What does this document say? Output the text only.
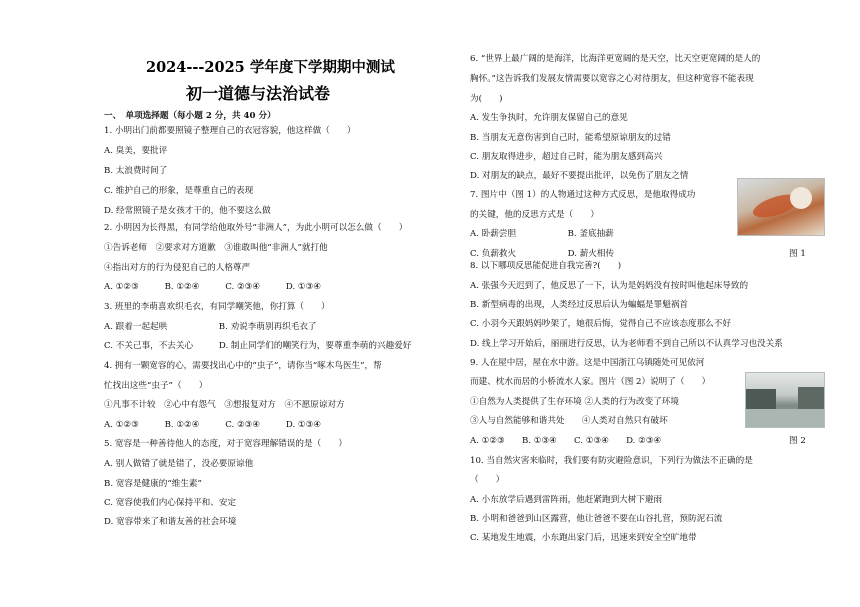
2024---2025 学年度下学期期中测试
初一道德与法治试卷
一、　单项选择题（每小题 2 分，共 40 分）
1. 小明出门前都要照镜子整理自己的衣冠容貌，他这样做（　　）
A. 臭美，要批评
B. 太浪费时间了
C. 维护自己的形象，是尊重自己的表现
D. 经常照镜子是女孩才干的，他不要这么做
2. 小明因为长得黑，有同学给他取外号“非洲人”，为此小明可以怎么做（　　）
①告诉老师　②要求对方道歉　③谁敢叫他“非洲人”就打他
④指出对方的行为侵犯自己的人格尊严
A. ①②③　　　B. ①②④　　　C. ②③④　　　D. ①③④
3. 班里的李萌喜欢织毛衣，有同学嘲笑他，你打算（　　）
A. 跟着一起起哄　　　　　　B. 劝说李萌别再织毛衣了
C. 不关己事，不去关心　　　D. 制止同学们的嘲笑行为，要尊重李萌的兴趣爱好
4. 拥有一颗宽容的心，需要找出心中的“虫子”，请你当“啄木鸟医生”，帮
忙找出这些“虫子”（　　）
①凡事不计较　②心中有怨气　③想报复对方　④不愿原谅对方
A. ①②③　　　B. ①②④　　　C. ②③④　　　D. ①③④
5. 宽容是一种善待他人的态度，对于宽容理解错误的是（　　）
A. 别人做错了就是错了，没必要原谅他
B. 宽容是健康的“维生素”
C. 宽容使我们内心保持平和、安定
D. 宽容带来了和谐友善的社会环境
6. “世界上最广阔的是海洋，比海洋更宽阔的是天空，比天空更宽阔的是人的
胸怀。”这告诉我们发展友情需要以宽容之心对待朋友，但这种宽容不能表现
为(　　)
A. 发生争执时，允许朋友保留自己的意见
B. 当朋友无意伤害到自己时，能希望原谅朋友的过错
C. 朋友取得进步，超过自己时，能为朋友感到高兴
D. 对朋友的缺点，最好不要提出批评，以免伤了朋友之情
7. 图片中（图 1）的人物通过这种方式反思，是他取得成功
的关键，他的反思方式是（　　）
A. 卧薪尝胆　　　　　　B. 釜底抽薪
C. 负薪救火　　　　　　D. 薪火相传
8. 以下哪项反思能促进自我完善?(　　)
A. 张强今天迟到了，他反思了一下，认为是妈妈没有按时叫他起床导致的
B. 新型病毒的出现，人类经过反思后认为蝙蝠是罪魁祸首
C. 小羽今天跟妈妈吵架了，她很后悔，觉得自己不应该态度那么不好
D. 线上学习开始后，丽丽进行反思，认为老师看不到自己所以不认真学习也没关系
9. 人在屋中居，屋在水中游。这是中国浙江乌镇随处可见依河
而建、枕水而居的小桥流水人家。图片（图 2）说明了（　　）
①自然为人类提供了生存环境 ②人类的行为改变了环境
③人与自然能够和谐共处　　④人类对自然只有破坏
A. ①②③　　B. ①③④　　C. ①③④　　D. ②③④
10. 当自然灾害来临时，我们要有防灾避险意识，下列行为做法不正确的是
（　　）
A. 小东放学后遇到雷阵雨，他赶紧跑到大树下避雨
B. 小明和爸爸到山区露营，他让爸爸不要在山谷扎营，预防泥石流
C. 某地发生地震，小东跑出家门后，迅速来到安全空旷地带
图 1
图 2
